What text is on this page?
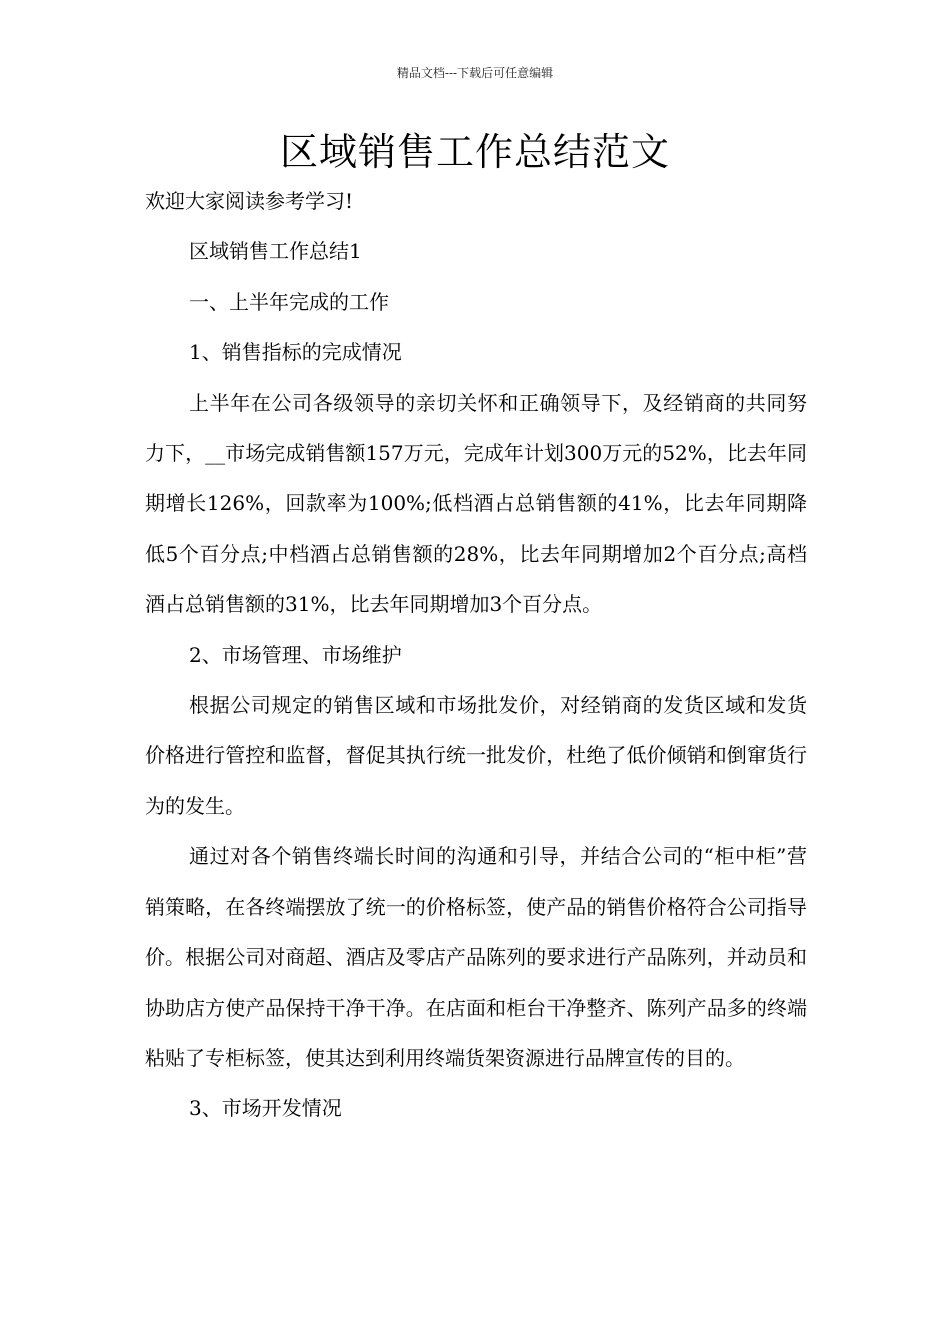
精品文档---下载后可任意编辑
区域销售工作总结范文

欢迎大家阅读参考学习!

区域销售工作总结1

一、上半年完成的工作

1、销售指标的完成情况

上半年在公司各级领导的亲切关怀和正确领导下，及经销商的共同努力下，__市场完成销售额157万元，完成年计划300万元的52%，比去年同期增长126%，回款率为100%;低档酒占总销售额的41%，比去年同期降低5个百分点;中档酒占总销售额的28%，比去年同期增加2个百分点;高档酒占总销售额的31%，比去年同期增加3个百分点。

2、市场管理、市场维护

根据公司规定的销售区域和市场批发价，对经销商的发货区域和发货价格进行管控和监督，督促其执行统一批发价，杜绝了低价倾销和倒窜货行为的发生。

通过对各个销售终端长时间的沟通和引导，并结合公司的“柜中柜”营销策略，在各终端摆放了统一的价格标签，使产品的销售价格符合公司指导价。根据公司对商超、酒店及零店产品陈列的要求进行产品陈列，并动员和协助店方使产品保持干净干净。在店面和柜台干净整齐、陈列产品多的终端粘贴了专柜标签，使其达到利用终端货架资源进行品牌宣传的目的。

3、市场开发情况
